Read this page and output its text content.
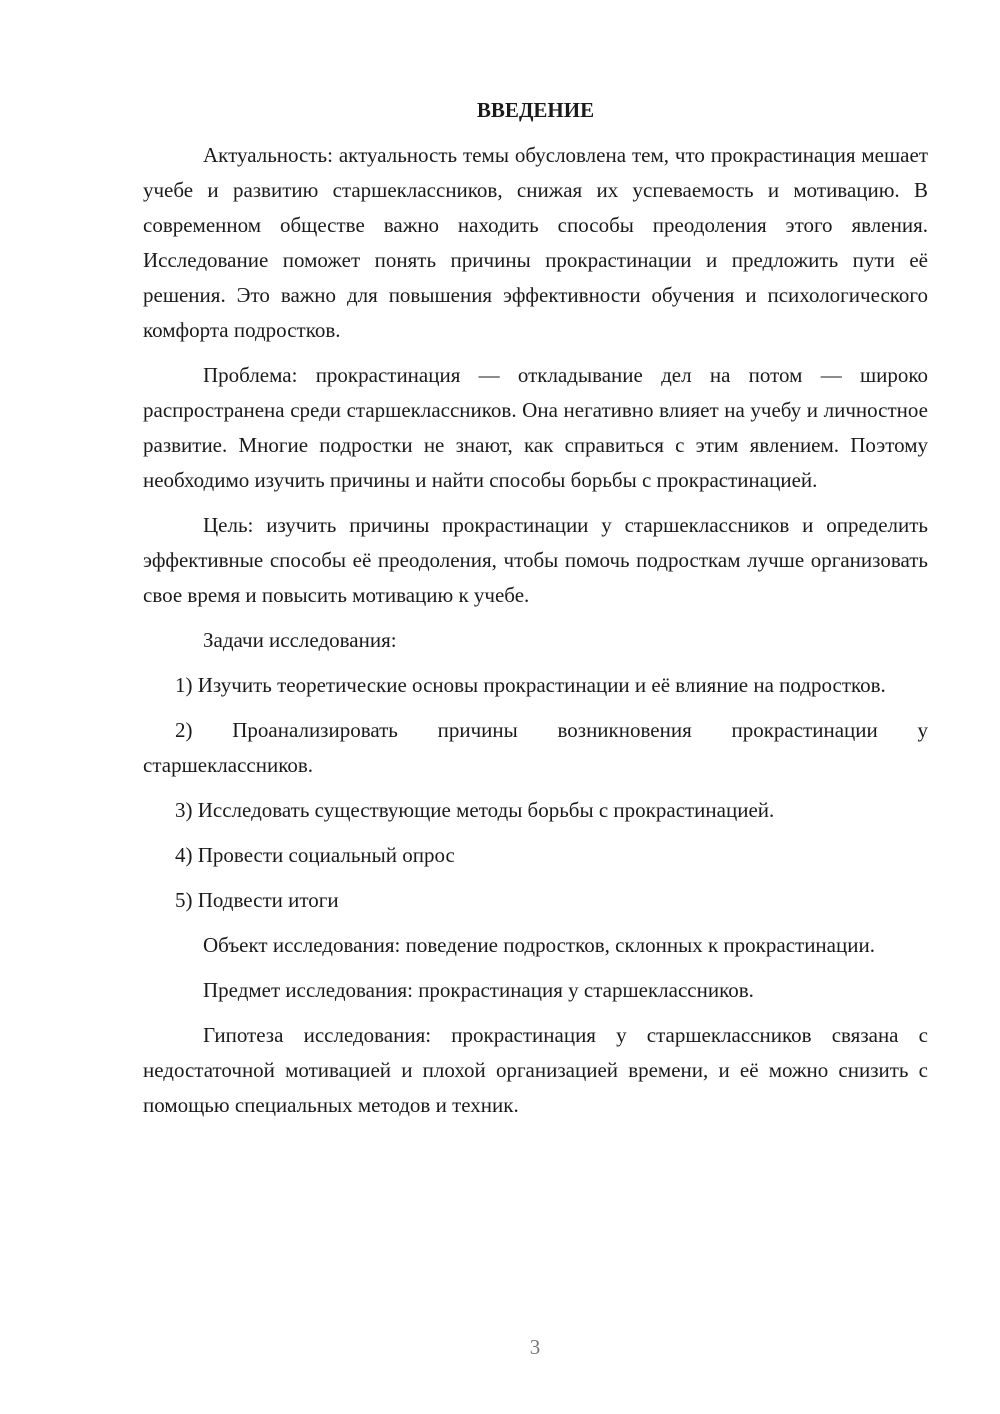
ВВЕДЕНИЕ

Актуальность: актуальность темы обусловлена тем, что прокрастинация мешает учебе и развитию старшеклассников, снижая их успеваемость и мотивацию. В современном обществе важно находить способы преодоления этого явления. Исследование поможет понять причины прокрастинации и предложить пути её решения. Это важно для повышения эффективности обучения и психологического комфорта подростков.

Проблема: прокрастинация — откладывание дел на потом — широко распространена среди старшеклассников. Она негативно влияет на учебу и личностное развитие. Многие подростки не знают, как справиться с этим явлением. Поэтому необходимо изучить причины и найти способы борьбы с прокрастинацией.

Цель: изучить причины прокрастинации у старшеклассников и определить эффективные способы её преодоления, чтобы помочь подросткам лучше организовать свое время и повысить мотивацию к учебе.

Задачи исследования:

1) Изучить теоретические основы прокрастинации и её влияние на подростков.

2) Проанализировать причины возникновения прокрастинации у старшеклассников.

3) Исследовать существующие методы борьбы с прокрастинацией.

4) Провести социальный опрос

5) Подвести итоги

Объект исследования: поведение подростков, склонных к прокрастинации.

Предмет исследования: прокрастинация у старшеклассников.

Гипотеза исследования: прокрастинация у старшеклассников связана с недостаточной мотивацией и плохой организацией времени, и её можно снизить с помощью специальных методов и техник.

3
